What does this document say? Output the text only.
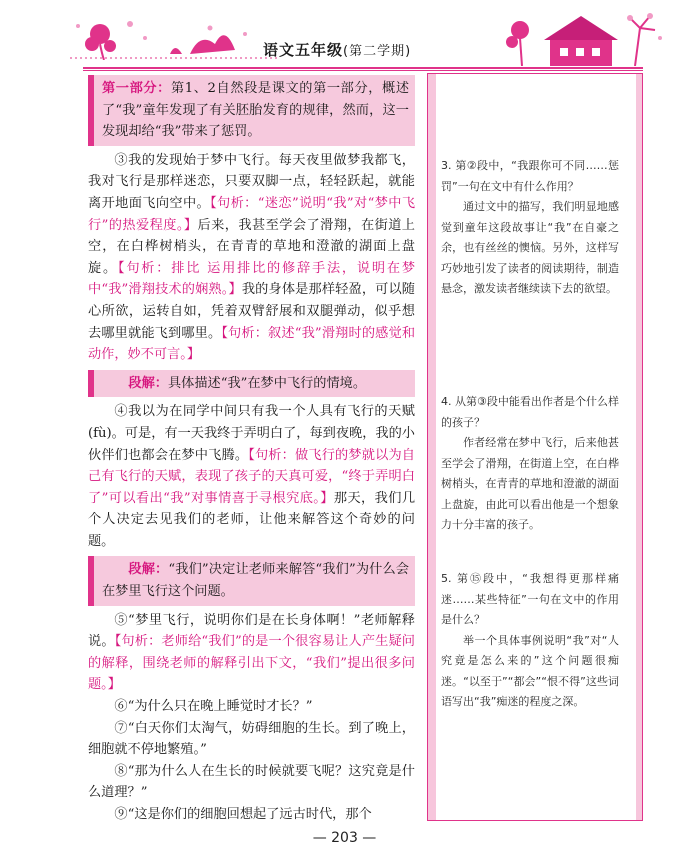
语文五年级(第二学期)

第一部分：第1、2自然段是课文的第一部分，概述了“我”童年发现了有关胚胎发育的规律，然而，这一发现却给“我”带来了惩罚。

③我的发现始于梦中飞行。每天夜里做梦我都飞，我对飞行是那样迷恋，只要双脚一点，轻轻跃起，就能离开地面飞向空中。【句析：“迷恋”说明“我”对“梦中飞行”的热爱程度。】后来，我甚至学会了滑翔，在街道上空，在白桦树梢头，在青青的草地和澄澈的湖面上盘旋。【句析：排比 运用排比的修辞手法，说明在梦中“我”滑翔技术的娴熟。】我的身体是那样轻盈，可以随心所欲，运转自如，凭着双臂舒展和双腿弹动，似乎想去哪里就能飞到哪里。【句析：叙述“我”滑翔时的感觉和动作，妙不可言。】

段解：具体描述“我”在梦中飞行的情境。

④我以为在同学中间只有我一个人具有飞行的天赋(fù)。可是，有一天我终于弄明白了，每到夜晚，我的小伙伴们也都会在梦中飞腾。【句析：做飞行的梦就以为自己有飞行的天赋，表现了孩子的天真可爱，“终于弄明白了”可以看出“我”对事情喜于寻根究底。】那天，我们几个人决定去见我们的老师，让他来解答这个奇妙的问题。

段解：“我们”决定让老师来解答“我们”为什么会在梦里飞行这个问题。

⑤“梦里飞行，说明你们是在长身体啊！”老师解释说。【句析：老师给“我们”的是一个很容易让人产生疑问的解释，围绕老师的解释引出下文，“我们”提出很多问题。】

⑥“为什么只在晚上睡觉时才长？”

⑦“白天你们太淘气，妨碍细胞的生长。到了晚上，细胞就不停地繁殖。”

⑧“那为什么人在生长的时候就要飞呢？这究竟是什么道理？”

⑨“这是你们的细胞回想起了远古时代，那个

3. 第②段中，“我跟你可不同……惩罚”一句在文中有什么作用？
通过文中的描写，我们明显地感觉到童年这段故事让“我”在自豪之余，也有丝丝的懊恼。另外，这样写巧妙地引发了读者的阅读期待，制造悬念，激发读者继续读下去的欲望。
4. 从第③段中能看出作者是个什么样的孩子？
作者经常在梦中飞行，后来他甚至学会了滑翔，在街道上空，在白桦树梢头，在青青的草地和澄澈的湖面上盘旋，由此可以看出他是一个想象力十分丰富的孩子。
5. 第⑮段中，“我想得更那样痛迷……某些特征”一句在文中的作用是什么？
举一个具体事例说明“我”对“人究竟是怎么来的”这个问题很痴迷。“以至于”“都会”“恨不得”这些词语写出“我”痴迷的程度之深。
— 203 —
